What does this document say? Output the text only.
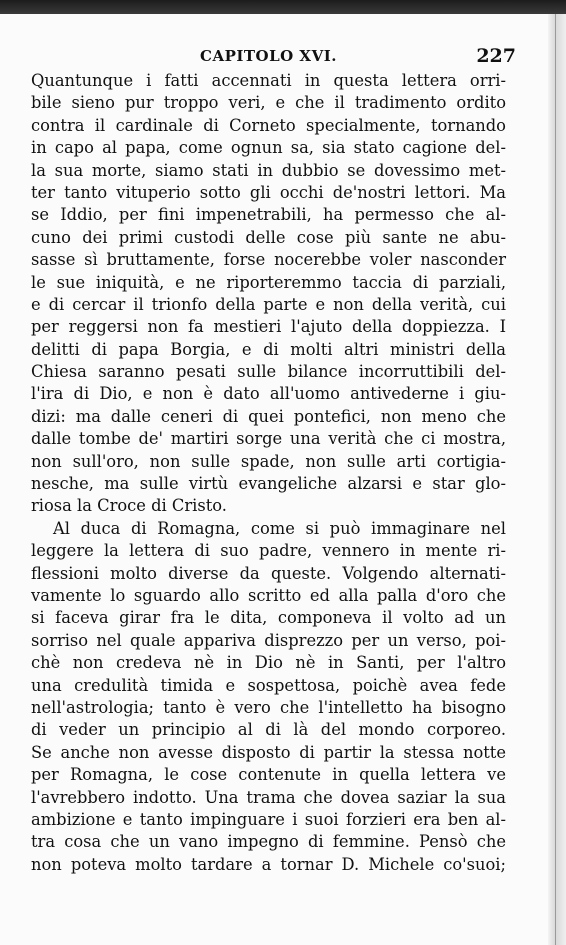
CAPITOLO XVI.	227
Quantunque i fatti accennati in questa lettera orri-
bile sieno pur troppo veri, e che il tradimento ordito
contra il cardinale di Corneto specialmente, tornando
in capo al papa, come ognun sa, sia stato cagione del-
la sua morte, siamo stati in dubbio se dovessimo met-
ter tanto vituperio sotto gli occhi de'nostri lettori. Ma
se Iddio, per fini impenetrabili, ha permesso che al-
cuno dei primi custodi delle cose più sante ne abu-
sasse sì bruttamente, forse nocerebbe voler nasconder
le sue iniquità, e ne riporteremmo taccia di parziali,
e di cercar il trionfo della parte e non della verità, cui
per reggersi non fa mestieri l'ajuto della doppiezza. I
delitti di papa Borgia, e di molti altri ministri della
Chiesa saranno pesati sulle bilance incorruttibili del-
l'ira di Dio, e non è dato all'uomo antivederne i giu-
dizi: ma dalle ceneri di quei pontefici, non meno che
dalle tombe de' martiri sorge una verità che ci mostra,
non sull'oro, non sulle spade, non sulle arti cortigia-
nesche, ma sulle virtù evangeliche alzarsi e star glo-
riosa la Croce di Cristo.
Al duca di Romagna, come si può immaginare nel
leggere la lettera di suo padre, vennero in mente ri-
flessioni molto diverse da queste. Volgendo alternati-
vamente lo sguardo allo scritto ed alla palla d'oro che
si faceva girar fra le dita, componeva il volto ad un
sorriso nel quale appariva disprezzo per un verso, poi-
chè non credeva nè in Dio nè in Santi, per l'altro
una credulità timida e sospettosa, poichè avea fede
nell'astrologia; tanto è vero che l'intelletto ha bisogno
di veder un principio al di là del mondo corporeo.
Se anche non avesse disposto di partir la stessa notte
per Romagna, le cose contenute in quella lettera ve
l'avrebbero indotto. Una trama che dovea saziar la sua
ambizione e tanto impinguare i suoi forzieri era ben al-
tra cosa che un vano impegno di femmine. Pensò che
non poteva molto tardare a tornar D. Michele co'suoi;
